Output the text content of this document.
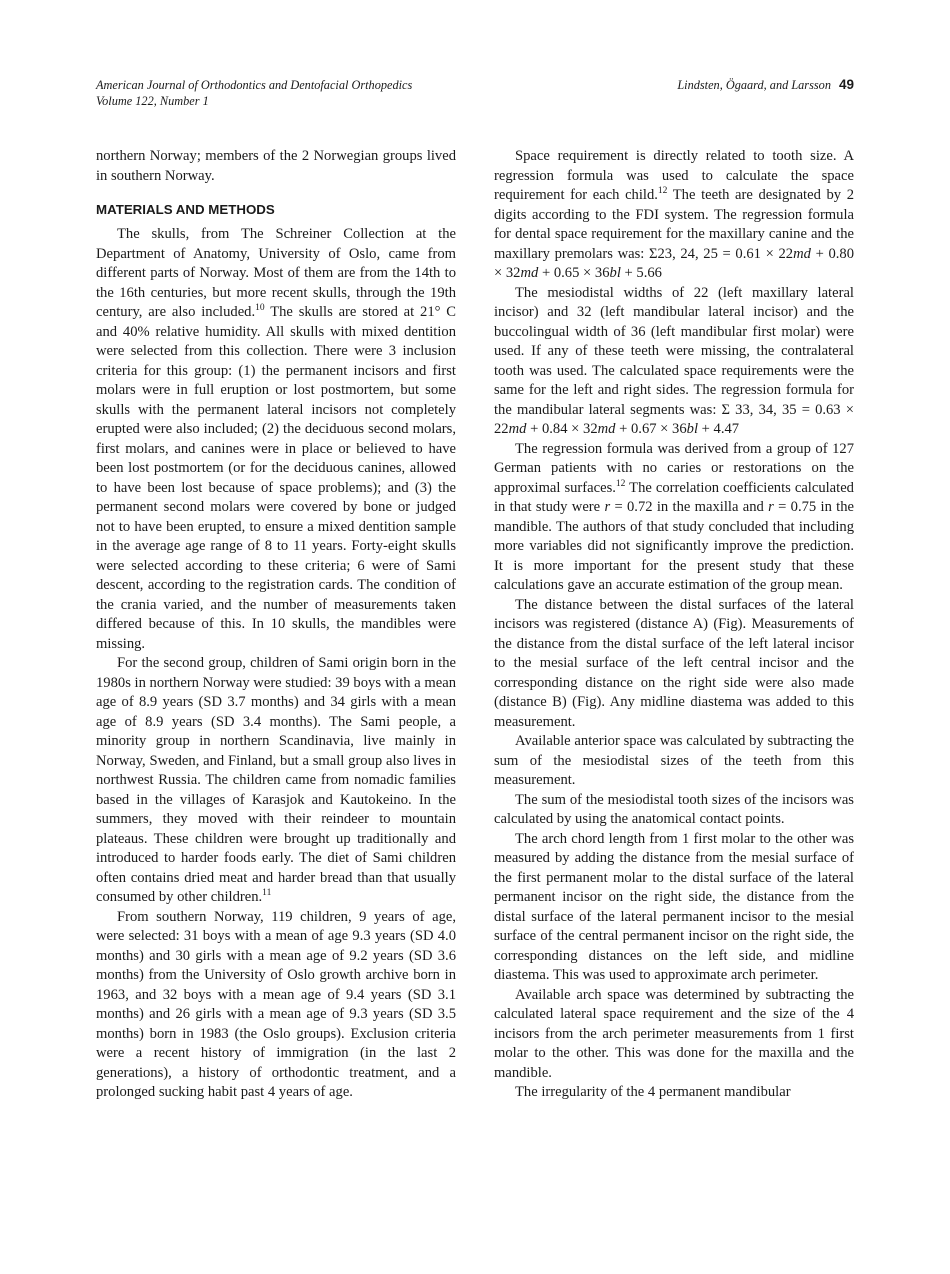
American Journal of Orthodontics and Dentofacial Orthopedics
Volume 122, Number 1
Lindsten, Ögaard, and Larsson 49

northern Norway; members of the 2 Norwegian groups lived in southern Norway.

MATERIALS AND METHODS

The skulls, from The Schreiner Collection at the Department of Anatomy, University of Oslo, came from different parts of Norway. Most of them are from the 14th to the 16th centuries, but more recent skulls, through the 19th century, are also included.$^{10}$ The skulls are stored at 21° C and 40% relative humidity. All skulls with mixed dentition were selected from this collection. There were 3 inclusion criteria for this group: (1) the permanent incisors and first molars were in full eruption or lost postmortem, but some skulls with the permanent lateral incisors not completely erupted were also included; (2) the deciduous second molars, first molars, and canines were in place or believed to have been lost postmortem (or for the deciduous canines, allowed to have been lost because of space problems); and (3) the permanent second molars were covered by bone or judged not to have been erupted, to ensure a mixed dentition sample in the average age range of 8 to 11 years. Forty-eight skulls were selected according to these criteria; 6 were of Sami descent, according to the registration cards. The condition of the crania varied, and the number of measurements taken differed because of this. In 10 skulls, the mandibles were missing.

For the second group, children of Sami origin born in the 1980s in northern Norway were studied: 39 boys with a mean age of 8.9 years (SD 3.7 months) and 34 girls with a mean age of 8.9 years (SD 3.4 months). The Sami people, a minority group in northern Scandinavia, live mainly in Norway, Sweden, and Finland, but a small group also lives in northwest Russia. The children came from nomadic families based in the villages of Karasjok and Kautokeino. In the summers, they moved with their reindeer to mountain plateaus. These children were brought up traditionally and introduced to harder foods early. The diet of Sami children often contains dried meat and harder bread than that usually consumed by other children.$^{11}$

From southern Norway, 119 children, 9 years of age, were selected: 31 boys with a mean of age 9.3 years (SD 4.0 months) and 30 girls with a mean age of 9.2 years (SD 3.6 months) from the University of Oslo growth archive born in 1963, and 32 boys with a mean age of 9.4 years (SD 3.1 months) and 26 girls with a mean age of 9.3 years (SD 3.5 months) born in 1983 (the Oslo groups). Exclusion criteria were a recent history of immigration (in the last 2 generations), a history of orthodontic treatment, and a prolonged sucking habit past 4 years of age.

Space requirement is directly related to tooth size. A regression formula was used to calculate the space requirement for each child.$^{12}$ The teeth are designated by 2 digits according to the FDI system. The regression formula for dental space requirement for the maxillary canine and the maxillary premolars was: Σ23, 24, 25 = 0.61 × 22md + 0.80 × 32md + 0.65 × 36bl + 5.66

The mesiodistal widths of 22 (left maxillary lateral incisor) and 32 (left mandibular lateral incisor) and the buccolingual width of 36 (left mandibular first molar) were used. If any of these teeth were missing, the contralateral tooth was used. The calculated space requirements were the same for the left and right sides. The regression formula for the mandibular lateral segments was: Σ 33, 34, 35 = 0.63 × 22md + 0.84 × 32md + 0.67 × 36bl + 4.47

The regression formula was derived from a group of 127 German patients with no caries or restorations on the approximal surfaces.$^{12}$ The correlation coefficients calculated in that study were r = 0.72 in the maxilla and r = 0.75 in the mandible. The authors of that study concluded that including more variables did not significantly improve the prediction. It is more important for the present study that these calculations gave an accurate estimation of the group mean.

The distance between the distal surfaces of the lateral incisors was registered (distance A) (Fig). Measurements of the distance from the distal surface of the left lateral incisor to the mesial surface of the left central incisor and the corresponding distance on the right side were also made (distance B) (Fig). Any midline diastema was added to this measurement.

Available anterior space was calculated by subtracting the sum of the mesiodistal sizes of the teeth from this measurement.

The sum of the mesiodistal tooth sizes of the incisors was calculated by using the anatomical contact points.

The arch chord length from 1 first molar to the other was measured by adding the distance from the mesial surface of the first permanent molar to the distal surface of the lateral permanent incisor on the right side, the distance from the distal surface of the lateral permanent incisor to the mesial surface of the central permanent incisor on the right side, the corresponding distances on the left side, and midline diastema. This was used to approximate arch perimeter.

Available arch space was determined by subtracting the calculated lateral space requirement and the size of the 4 incisors from the arch perimeter measurements from 1 first molar to the other. This was done for the maxilla and the mandible.

The irregularity of the 4 permanent mandibular
